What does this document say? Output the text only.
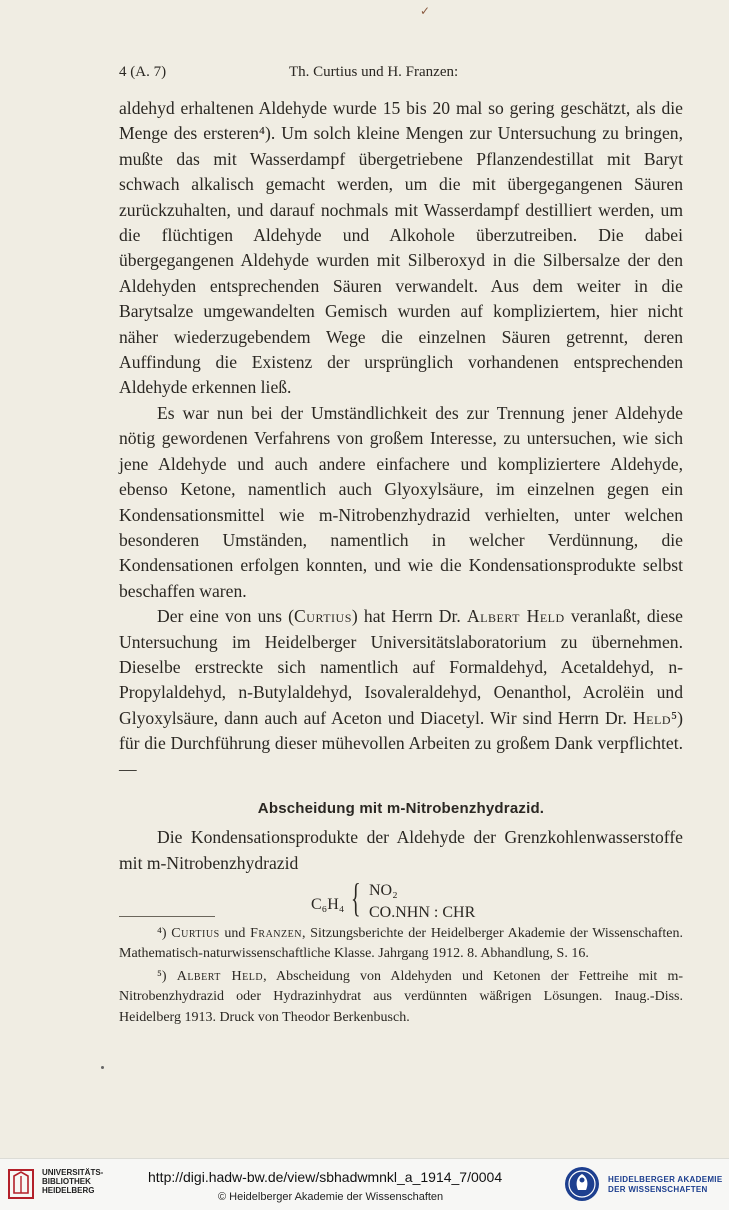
✓
4 (A. 7)	Th. Curtius und H. Franzen:

aldehyd erhaltenen Aldehyde wurde 15 bis 20 mal so gering geschätzt, als die Menge des ersteren⁴). Um solch kleine Mengen zur Untersuchung zu bringen, mußte das mit Wasserdampf übergetriebene Pflanzendestillat mit Baryt schwach alkalisch gemacht werden, um die mit übergegangenen Säuren zurückzuhalten, und darauf nochmals mit Wasserdampf destilliert werden, um die flüchtigen Aldehyde und Alkohole überzutreiben. Die dabei übergegangenen Aldehyde wurden mit Silberoxyd in die Silbersalze der den Aldehyden entsprechenden Säuren verwandelt. Aus dem weiter in die Barytsalze umgewandelten Gemisch wurden auf kompliziertem, hier nicht näher wiederzugebendem Wege die einzelnen Säuren getrennt, deren Auffindung die Existenz der ursprünglich vorhandenen entsprechenden Aldehyde erkennen ließ.

Es war nun bei der Umständlichkeit des zur Trennung jener Aldehyde nötig gewordenen Verfahrens von großem Interesse, zu untersuchen, wie sich jene Aldehyde und auch andere einfachere und kompliziertere Aldehyde, ebenso Ketone, namentlich auch Glyoxylsäure, im einzelnen gegen ein Kondensationsmittel wie m-Nitrobenzhydrazid verhielten, unter welchen besonderen Umständen, namentlich in welcher Verdünnung, die Kondensationen erfolgen konnten, und wie die Kondensationsprodukte selbst beschaffen waren.

Der eine von uns (Curtius) hat Herrn Dr. Albert Held veranlaßt, diese Untersuchung im Heidelberger Universitätslaboratorium zu übernehmen. Dieselbe erstreckte sich namentlich auf Formaldehyd, Acetaldehyd, n-Propylaldehyd, n-Butylaldehyd, Isovaleraldehyd, Oenanthol, Acrolëin und Glyoxylsäure, dann auch auf Aceton und Diacetyl. Wir sind Herrn Dr. Held⁵) für die Durchführung dieser mühevollen Arbeiten zu großem Dank verpflichtet. —

Abscheidung mit m-Nitrobenzhydrazid.

Die Kondensationsprodukte der Aldehyde der Grenzkohlenwasserstoffe mit m-Nitrobenzhydrazid

C₆H₄ { NO₂
CO.NHN : CHR

⁴) Curtius und Franzen, Sitzungsberichte der Heidelberger Akademie der Wissenschaften. Mathematisch-naturwissenschaftliche Klasse. Jahrgang 1912. 8. Abhandlung, S. 16.

⁵) Albert Held, Abscheidung von Aldehyden und Ketonen der Fettreihe mit m-Nitrobenzhydrazid oder Hydrazinhydrat aus verdünnten wäßrigen Lösungen. Inaug.-Diss. Heidelberg 1913. Druck von Theodor Berkenbusch.

UNIVERSITÄTS-
BIBLIOTHEK
HEIDELBERG
http://digi.hadw-bw.de/view/sbhadwmnkl_a_1914_7/0004
© Heidelberger Akademie der Wissenschaften
HEIDELBERGER AKADEMIE
DER WISSENSCHAFTEN
